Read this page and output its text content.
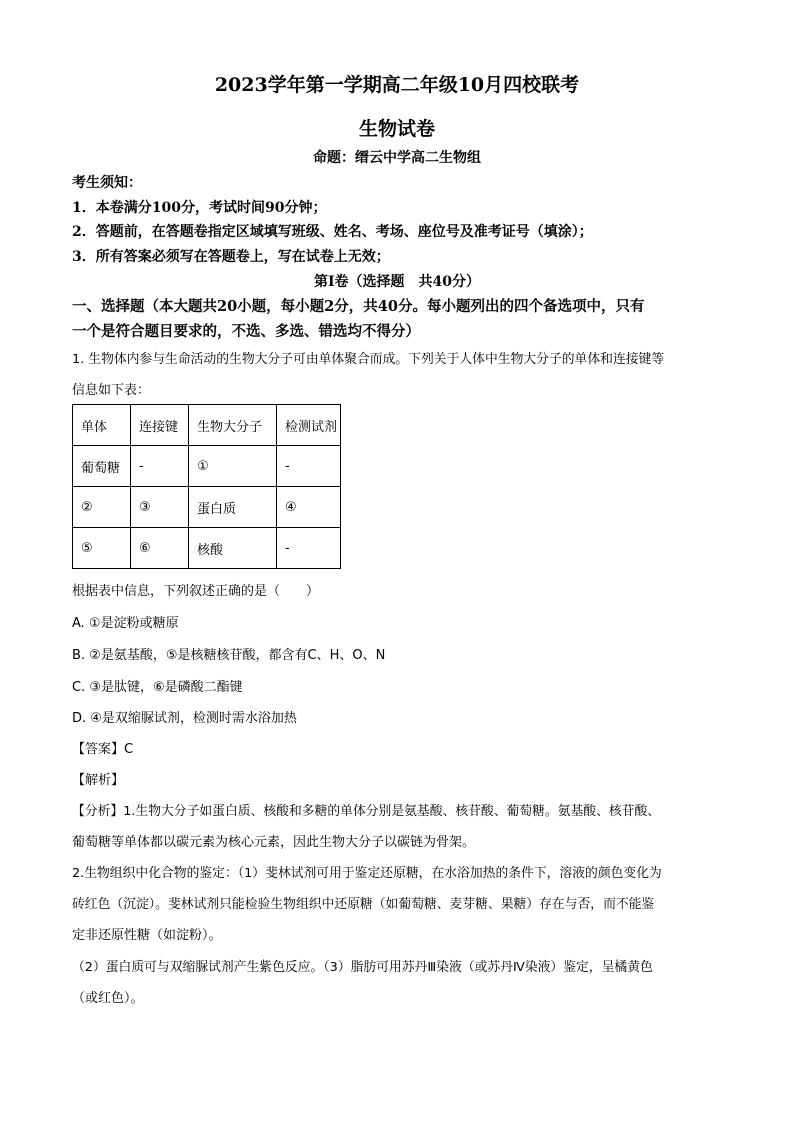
2023学年第一学期高二年级10月四校联考
生物试卷
命题：缙云中学高二生物组
考生须知：
1．本卷满分100分，考试时间90分钟；
2．答题前，在答题卷指定区域填写班级、姓名、考场、座位号及准考证号（填涂）；
3．所有答案必须写在答题卷上，写在试卷上无效；
第Ⅰ卷（选择题　共40分）
一、选择题（本大题共20小题，每小题2分，共40分。每小题列出的四个备选项中，只有
一个是符合题目要求的，不选、多选、错选均不得分）
1. 生物体内参与生命活动的生物大分子可由单体聚合而成。下列关于人体中生物大分子的单体和连接键等
信息如下表：
单体	连接键	生物大分子	检测试剂
葡萄糖	-	①	-
②	③	蛋白质	④
⑤	⑥	核酸	-
根据表中信息，下列叙述正确的是（　　）
A. ①是淀粉或糖原
B. ②是氨基酸，⑤是核糖核苷酸，都含有C、H、O、N
C. ③是肽键，⑥是磷酸二酯键
D. ④是双缩脲试剂，检测时需水浴加热
【答案】C
【解析】
【分析】1.生物大分子如蛋白质、核酸和多糖的单体分别是氨基酸、核苷酸、葡萄糖。氨基酸、核苷酸、
葡萄糖等单体都以碳元素为核心元素，因此生物大分子以碳链为骨架。
2.生物组织中化合物的鉴定：（1）斐林试剂可用于鉴定还原糖，在水浴加热的条件下，溶液的颜色变化为
砖红色（沉淀）。斐林试剂只能检验生物组织中还原糖（如葡萄糖、麦芽糖、果糖）存在与否，而不能鉴
定非还原性糖（如淀粉）。
（2）蛋白质可与双缩脲试剂产生紫色反应。（3）脂肪可用苏丹Ⅲ染液（或苏丹Ⅳ染液）鉴定，呈橘黄色
（或红色）。
